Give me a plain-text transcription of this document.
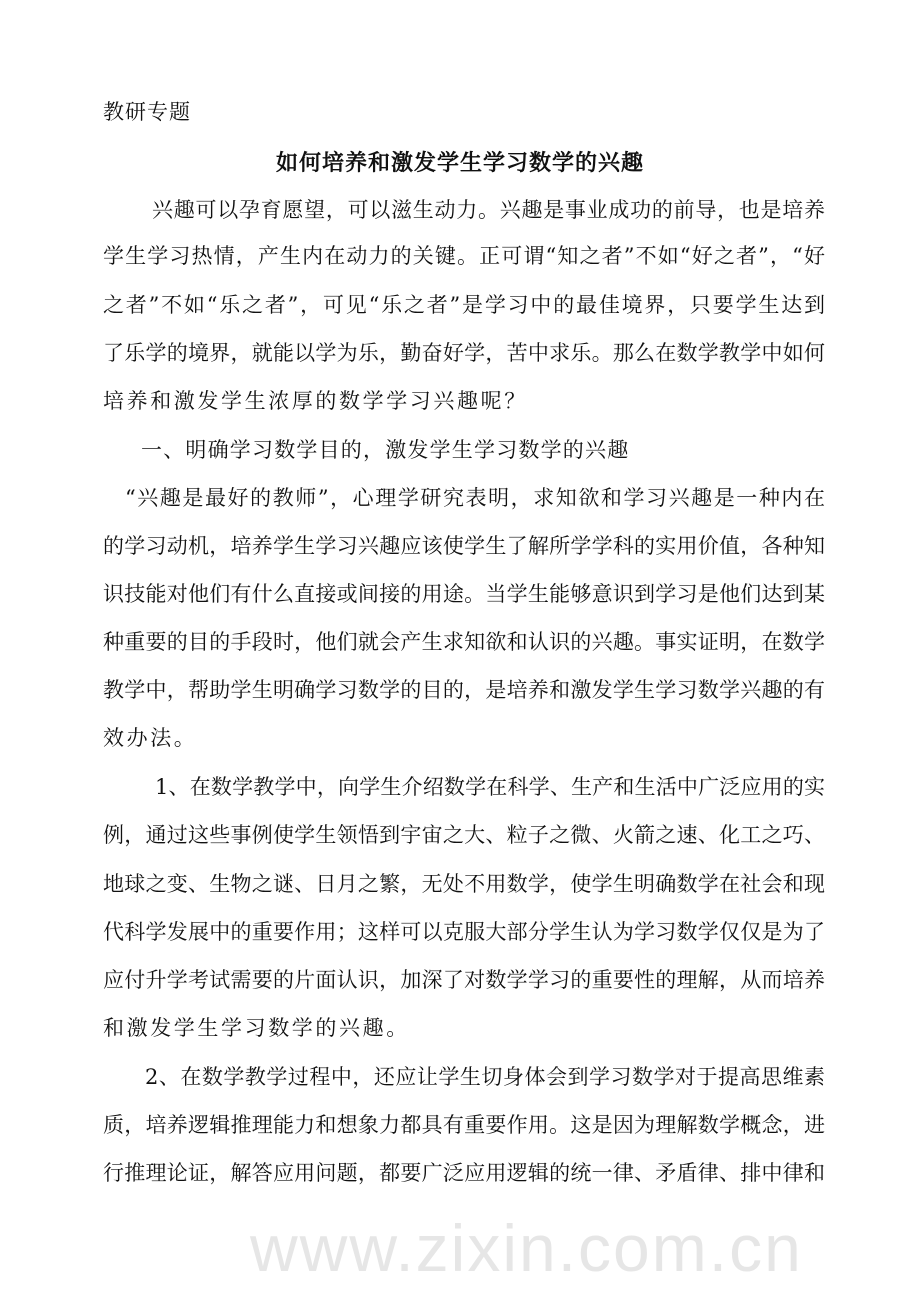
www.zixin.com.cn
教研专题
如何培养和激发学生学习数学的兴趣
兴趣可以孕育愿望，可以滋生动力。兴趣是事业成功的前导，也是培养
学生学习热情，产生内在动力的关键。正可谓“知之者”不如“好之者”，“好
之者”不如“乐之者”，可见“乐之者”是学习中的最佳境界，只要学生达到
了乐学的境界，就能以学为乐，勤奋好学，苦中求乐。那么在数学教学中如何
培养和激发学生浓厚的数学学习兴趣呢？
一、明确学习数学目的，激发学生学习数学的兴趣
“兴趣是最好的教师”，心理学研究表明，求知欲和学习兴趣是一种内在
的学习动机，培养学生学习兴趣应该使学生了解所学学科的实用价值，各种知
识技能对他们有什么直接或间接的用途。当学生能够意识到学习是他们达到某
种重要的目的手段时，他们就会产生求知欲和认识的兴趣。事实证明，在数学
教学中，帮助学生明确学习数学的目的，是培养和激发学生学习数学兴趣的有
效办法。
1、在数学教学中，向学生介绍数学在科学、生产和生活中广泛应用的实
例，通过这些事例使学生领悟到宇宙之大、粒子之微、火箭之速、化工之巧、
地球之变、生物之谜、日月之繁，无处不用数学，使学生明确数学在社会和现
代科学发展中的重要作用；这样可以克服大部分学生认为学习数学仅仅是为了
应付升学考试需要的片面认识，加深了对数学学习的重要性的理解，从而培养
和激发学生学习数学的兴趣。
2、在数学教学过程中，还应让学生切身体会到学习数学对于提高思维素
质，培养逻辑推理能力和想象力都具有重要作用。这是因为理解数学概念，进
行推理论证，解答应用问题，都要广泛应用逻辑的统一律、矛盾律、排中律和
